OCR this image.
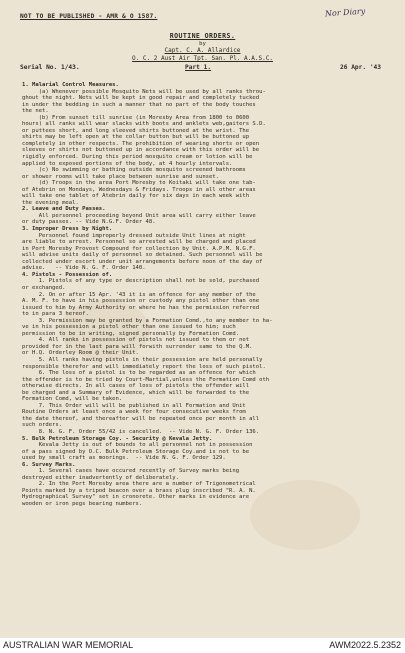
NOT TO BE PUBLISHED - AMR & O 1587.	Nor Diary
ROUTINE ORDERS.
by
Capt. C. A. Allardice
O. C. 2 Aust Air Tpt. San. Pl. A.A.S.C.
Serial No. 1/43.	Part 1.	26 Apr. '43
1. Malarial Control Measures.
(a) Whenever possible Mosquito Nets will be used by all ranks throu-
ghout the night. Nets will be kept in good repair and completely tucked
in under the bedding in such a manner that no part of the body touches
the net.
(b) From sunset till sunrise (in Moresby Area from 1800 to 0600
hours) all ranks will wear slacks with boots and anklets web,gaiters S.D.
or puttees short, and long sleeved shirts buttoned at the wrist. The
shirts may be left open at the collar button but will be buttoned up
completely in other respects. The prohibition of wearing shorts or open
sleeves or shirts not buttoned up in accordance with this order will be
rigidly enforced. During this period mosquito cream or lotion will be
applied to exposed portions of the body, at 4 hourly intervals.
(c) No swimming or bathing outside mosquito screened bathrooms
or shower rooms will take place between sunrise and sunset.
(d) Troops in the area Port Moresby to Koitaki will take one tab-
of Atebrin on Mondays, Wednesdays & Fridays. Troops in all other areas
will take one tablet of Atebrin daily for six days in each week with
the evening meal.
2. Leave and Duty Passes.
All personnel proceeding beyond Unit area will carry either leave
or duty passes. -- Vide N.G.F. Order 48.
3. Improper Dress by Night.
Personnel found improperly dressed outside Unit lines at night
are liable to arrest. Personnel so arrested will be charged and placed
in Port Moresby Provost Compound for collection by Unit. A.P.M. N.G.F.
will advise units daily of personnel so detained. Such personnel will be
collected under escort under unit arrangements before noon of the day of
advise.   -- Vide N. G. F. Order 140.
4. Pistols - Possession of.
1. Pistols of any type or description shall not be sold, purchased
or exchanged.
2. On or after 15 Apr. '43 it is an offence for any member of the
A. M. F. to have in his possession or custody any pistol other than one
issued to him by Army Authority or where he has the permission referred
to in para 3 hereof.
3. Permission may be granted by a Formation Comd.,to any member to ha-
ve in his possession a pistol other than one issued to him; such
permission to be in writing, signed personally by Formation Comd.
4. All ranks in possession of pistols not issued to them or not
provided for in the last para will forwith surrender same to the Q.M.
or H.Q. Orderley Room @ their Unit.
5. All ranks having pistols in their possession are held personally
responsible therefor and will immediately report the loss of such pistol.
6. The loss of a pistol is to be regarded as an offence for which
the offender is to be tried by Court-Martial,unless the Formation Comd oth
otherwise directs. In all cases of loss of pistols the offender will
be charged and a Summary of Evidence, which will be forwarded to the
Formation Comd, will be taken.
7. This Order will will be published in all Formation and Unit
Routine Orders at least once a week for four consecutive weeks from
the date thereof, and thereafter will be repeated once per month in all
such orders.
8. N. G. F. Order 55/42 is cancelled.  -- Vide N. G. F. Order 136.
5. Bulk Petroleum Storage Coy. - Security @ Kevala Jetty.
Kevala Jetty is out of bounds to all personnel not in possession
of a pass signed by O.C. Bulk Petroleum Storage Coy.and is not to be
used by small craft as moorings.  -- Vide N. G. F. Order 129.
6. Survey Marks.
1. Several cases have occured recently of Survey marks being
destroyed either inadvertently of deliberately.
2. In the Port Moresby area there are a number of Trigonometrical
Points marked by a tripod beacon over a brass plug inscribed "R. A. N.
Hydrographical Survey" set in cronorete. Other marks in evidence are
wooden or iron pegs bearing numbers.
AUSTRALIAN WAR MEMORIAL	AWM2022.5.2352
